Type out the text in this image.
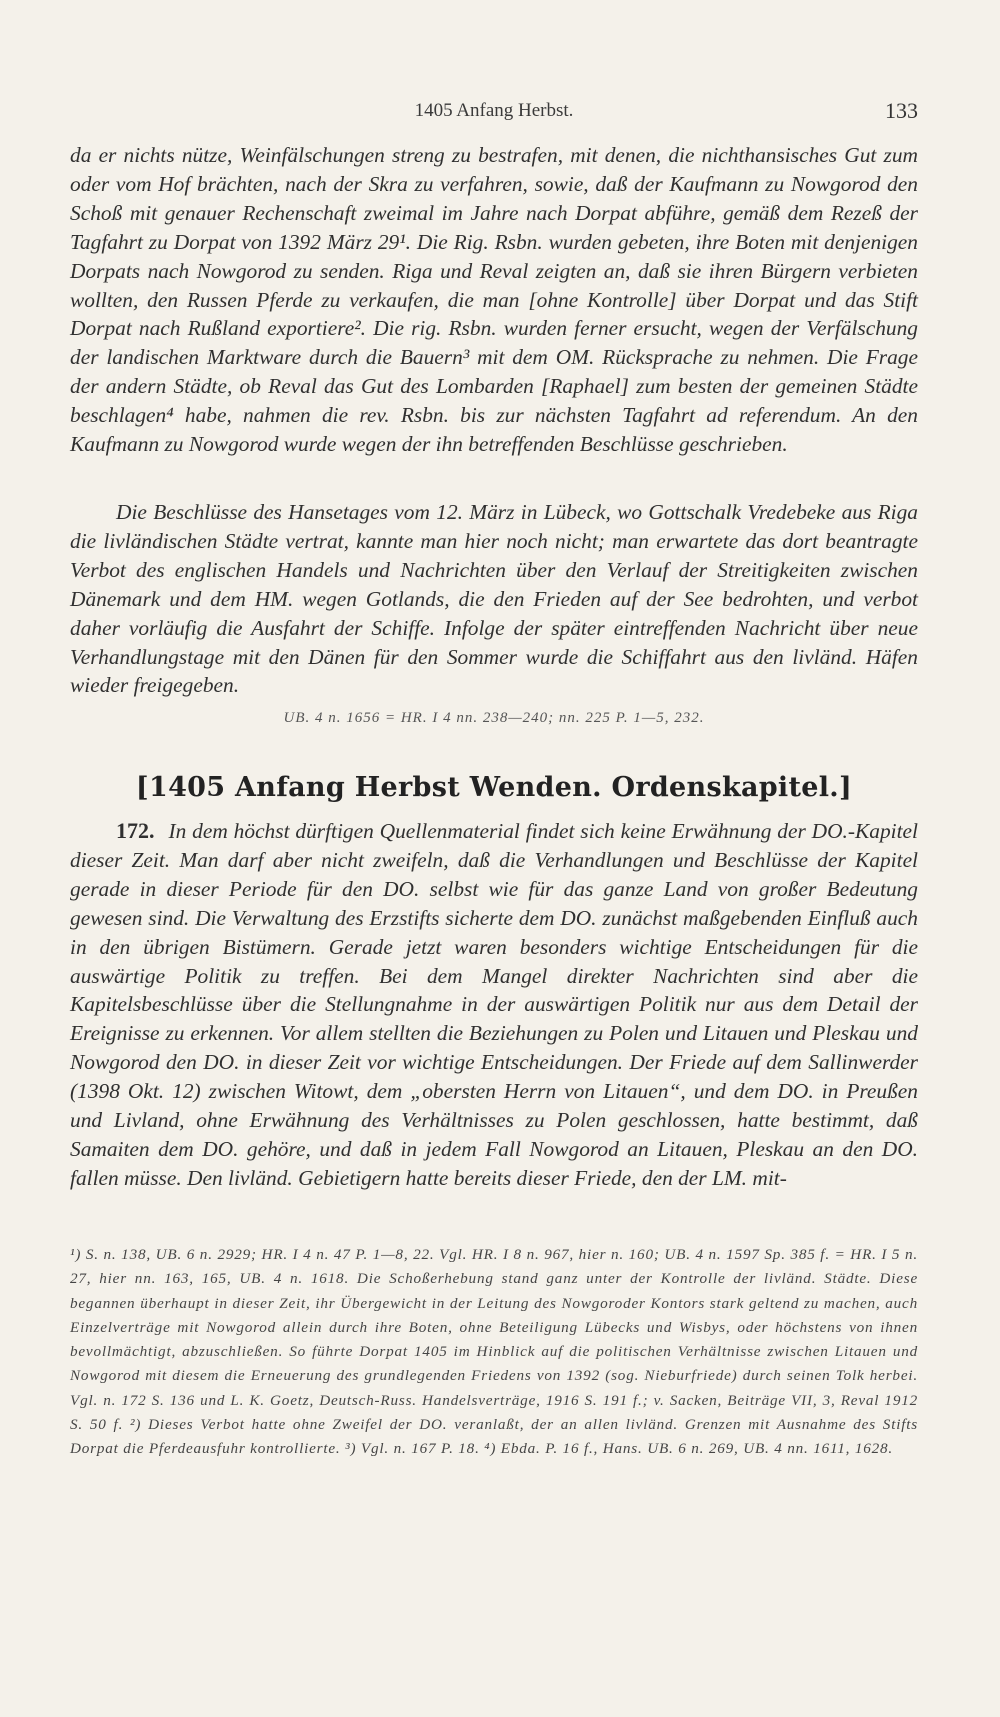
1405 Anfang Herbst.	133
da er nichts nütze, Weinfälschungen streng zu bestrafen, mit denen, die nichthansisches Gut zum oder vom Hof brächten, nach der Skra zu verfahren, sowie, daß der Kaufmann zu Nowgorod den Schoß mit genauer Rechenschaft zweimal im Jahre nach Dorpat abführe, gemäß dem Rezeß der Tagfahrt zu Dorpat von 1392 März 29¹. Die Rig. Rsbn. wurden gebeten, ihre Boten mit denjenigen Dorpats nach Nowgorod zu senden. Riga und Reval zeigten an, daß sie ihren Bürgern verbieten wollten, den Russen Pferde zu verkaufen, die man [ohne Kontrolle] über Dorpat und das Stift Dorpat nach Rußland exportiere². Die rig. Rsbn. wurden ferner ersucht, wegen der Verfälschung der landischen Marktware durch die Bauern³ mit dem OM. Rücksprache zu nehmen. Die Frage der andern Städte, ob Reval das Gut des Lombarden [Raphael] zum besten der gemeinen Städte beschlagen⁴ habe, nahmen die rev. Rsbn. bis zur nächsten Tagfahrt ad referendum. An den Kaufmann zu Nowgorod wurde wegen der ihn betreffenden Beschlüsse geschrieben.
Die Beschlüsse des Hansetages vom 12. März in Lübeck, wo Gottschalk Vredebeke aus Riga die livländischen Städte vertrat, kannte man hier noch nicht; man erwartete das dort beantragte Verbot des englischen Handels und Nachrichten über den Verlauf der Streitigkeiten zwischen Dänemark und dem HM. wegen Gotlands, die den Frieden auf der See bedrohten, und verbot daher vorläufig die Ausfahrt der Schiffe. Infolge der später eintreffenden Nachricht über neue Verhandlungstage mit den Dänen für den Sommer wurde die Schiffahrt aus den livländ. Häfen wieder freigegeben.
UB. 4 n. 1656 = HR. I 4 nn. 238—240; nn. 225 P. 1—5, 232.
[1405 Anfang Herbst Wenden. Ordenskapitel.]
172. In dem höchst dürftigen Quellenmaterial findet sich keine Erwähnung der DO.-Kapitel dieser Zeit. Man darf aber nicht zweifeln, daß die Verhandlungen und Beschlüsse der Kapitel gerade in dieser Periode für den DO. selbst wie für das ganze Land von großer Bedeutung gewesen sind. Die Verwaltung des Erzstifts sicherte dem DO. zunächst maßgebenden Einfluß auch in den übrigen Bistümern. Gerade jetzt waren besonders wichtige Entscheidungen für die auswärtige Politik zu treffen. Bei dem Mangel direkter Nachrichten sind aber die Kapitelsbeschlüsse über die Stellungnahme in der auswärtigen Politik nur aus dem Detail der Ereignisse zu erkennen. Vor allem stellten die Beziehungen zu Polen und Litauen und Pleskau und Nowgorod den DO. in dieser Zeit vor wichtige Entscheidungen. Der Friede auf dem Sallinwerder (1398 Okt. 12) zwischen Witowt, dem „obersten Herrn von Litauen“, und dem DO. in Preußen und Livland, ohne Erwähnung des Verhältnisses zu Polen geschlossen, hatte bestimmt, daß Samaiten dem DO. gehöre, und daß in jedem Fall Nowgorod an Litauen, Pleskau an den DO. fallen müsse. Den livländ. Gebietigern hatte bereits dieser Friede, den der LM. mit-
¹) S. n. 138, UB. 6 n. 2929; HR. I 4 n. 47 P. 1—8, 22. Vgl. HR. I 8 n. 967, hier n. 160; UB. 4 n. 1597 Sp. 385 f. = HR. I 5 n. 27, hier nn. 163, 165, UB. 4 n. 1618. Die Schoßerhebung stand ganz unter der Kontrolle der livländ. Städte. Diese begannen überhaupt in dieser Zeit, ihr Übergewicht in der Leitung des Nowgoroder Kontors stark geltend zu machen, auch Einzelverträge mit Nowgorod allein durch ihre Boten, ohne Beteiligung Lübecks und Wisbys, oder höchstens von ihnen bevollmächtigt, abzuschließen. So führte Dorpat 1405 im Hinblick auf die politischen Verhältnisse zwischen Litauen und Nowgorod mit diesem die Erneuerung des grundlegenden Friedens von 1392 (sog. Nieburfriede) durch seinen Tolk herbei. Vgl. n. 172 S. 136 und L. K. Goetz, Deutsch-Russ. Handelsverträge, 1916 S. 191 f.; v. Sacken, Beiträge VII, 3, Reval 1912 S. 50 f. ²) Dieses Verbot hatte ohne Zweifel der DO. veranlaßt, der an allen livländ. Grenzen mit Ausnahme des Stifts Dorpat die Pferdeausfuhr kontrollierte. ³) Vgl. n. 167 P. 18. ⁴) Ebda. P. 16 f., Hans. UB. 6 n. 269, UB. 4 nn. 1611, 1628.
